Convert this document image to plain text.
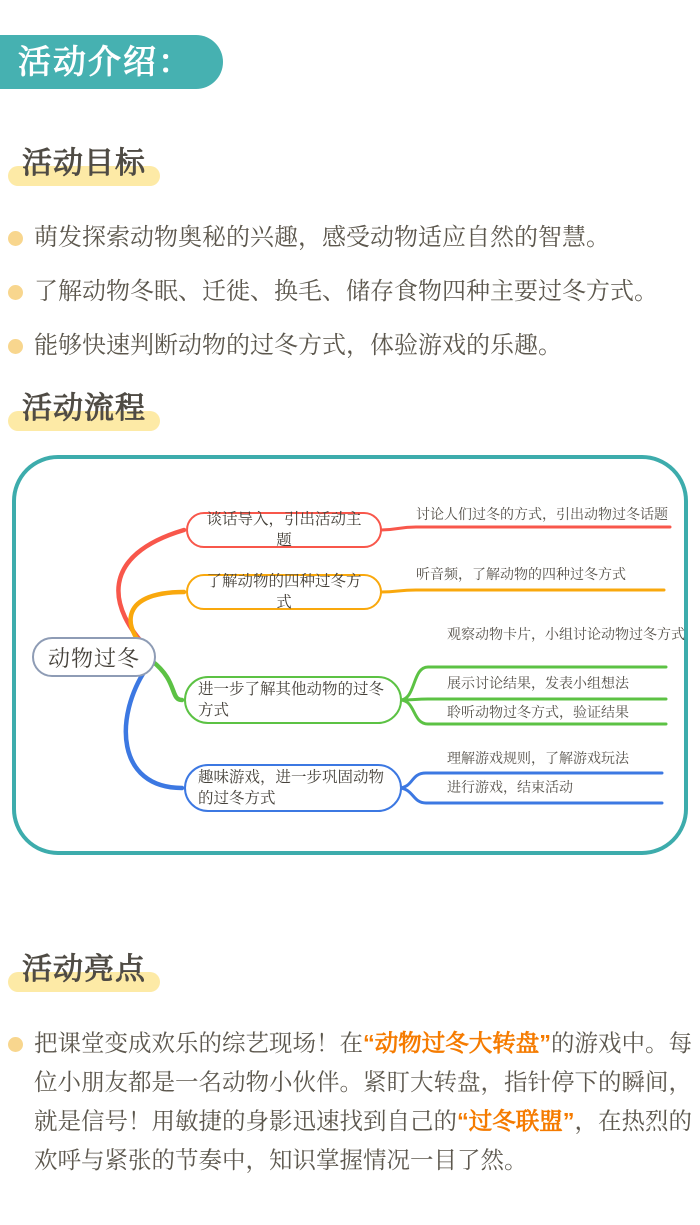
活动介绍：
活动目标
萌发探索动物奥秘的兴趣，感受动物适应自然的智慧。
了解动物冬眠、迁徙、换毛、储存食物四种主要过冬方式。
能够快速判断动物的过冬方式，体验游戏的乐趣。
活动流程
动物过冬
谈话导入，引出活动主题
了解动物的四种过冬方式
进一步了解其他动物的过冬方式
趣味游戏，进一步巩固动物的过冬方式
讨论人们过冬的方式，引出动物过冬话题
听音频，了解动物的四种过冬方式
观察动物卡片，小组讨论动物过冬方式
展示讨论结果，发表小组想法
聆听动物过冬方式，验证结果
理解游戏规则，了解游戏玩法
进行游戏，结束活动
活动亮点
把课堂变成欢乐的综艺现场！在“动物过冬大转盘”的游戏中。每位小朋友都是一名动物小伙伴。紧盯大转盘，指针停下的瞬间，就是信号！用敏捷的身影迅速找到自己的“过冬联盟”，在热烈的欢呼与紧张的节奏中，知识掌握情况一目了然。
